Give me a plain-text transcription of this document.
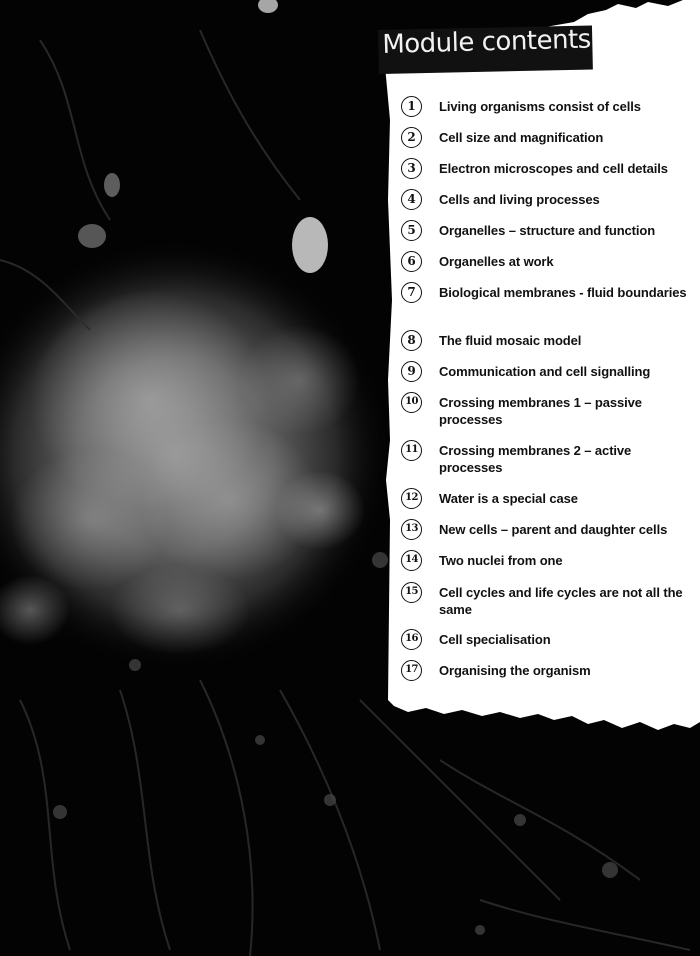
Module contents
1	Living organisms consist of cells
2	Cell size and magnification
3	Electron microscopes and cell details
4	Cells and living processes
5	Organelles – structure and function
6	Organelles at work
7	Biological membranes - fluid boundaries
8	The fluid mosaic model
9	Communication and cell signalling
10	Crossing membranes 1 – passive processes
11	Crossing membranes 2 – active processes
12	Water is a special case
13	New cells – parent and daughter cells
14	Two nuclei from one
15	Cell cycles and life cycles are not all the same
16	Cell specialisation
17	Organising the organism
